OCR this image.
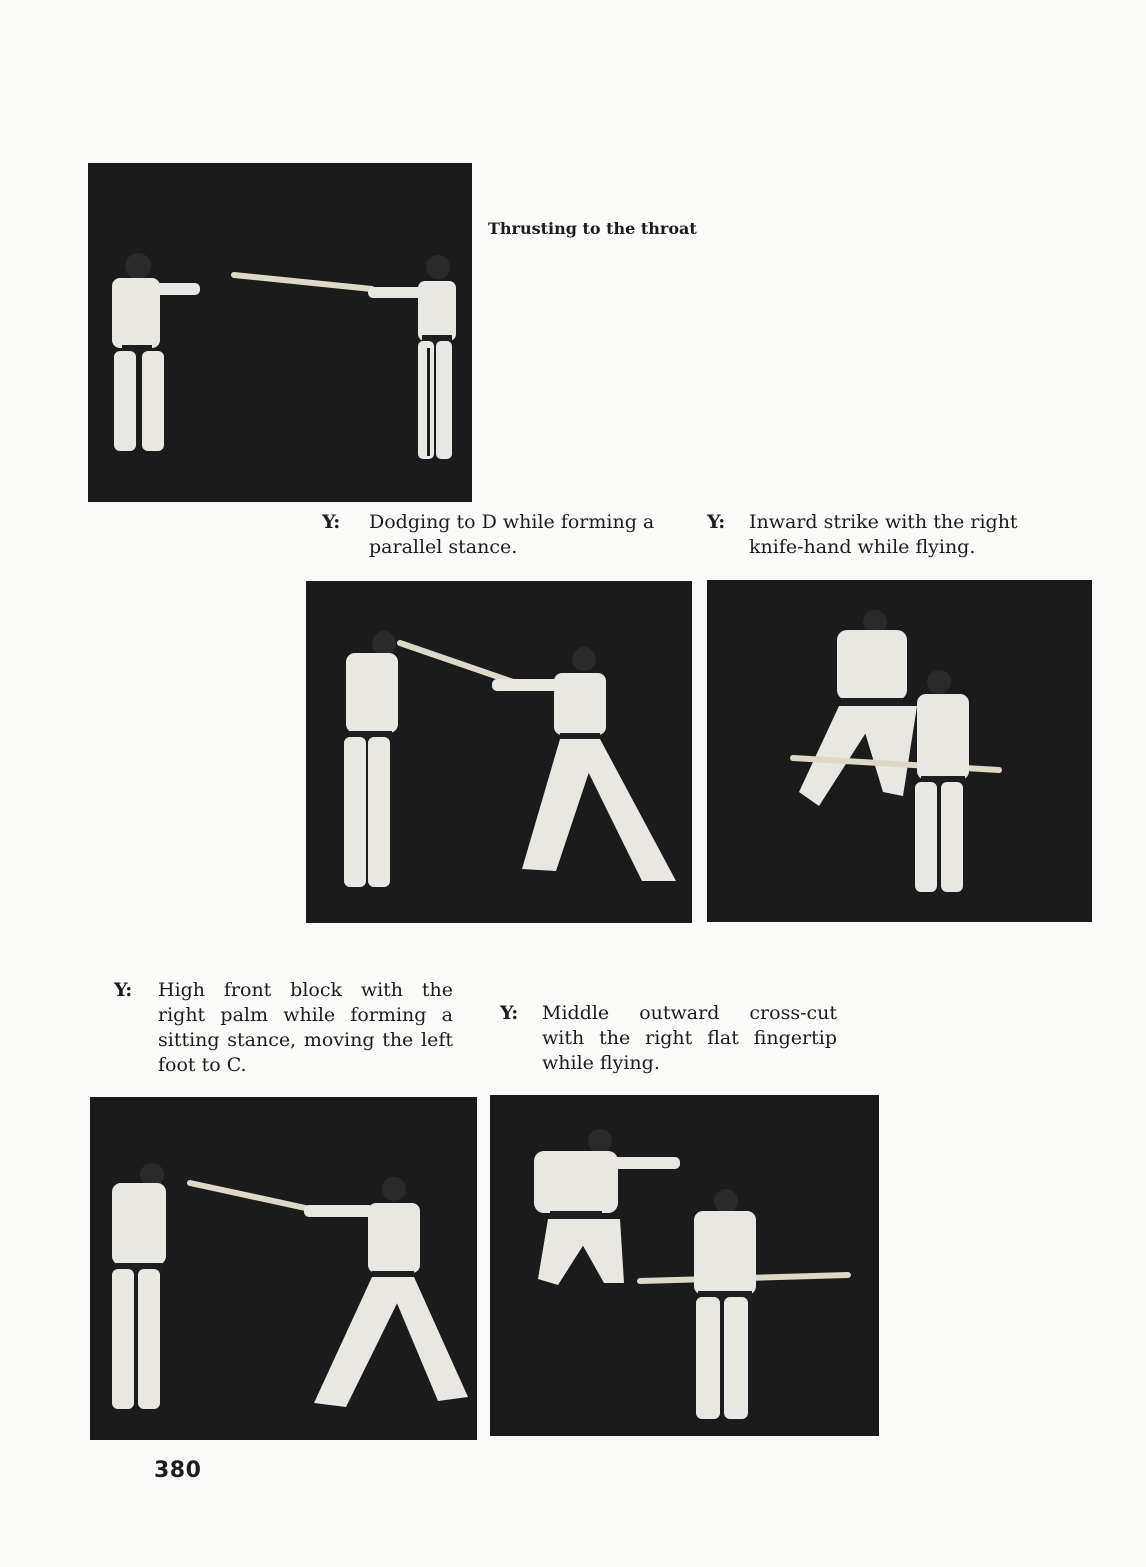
Thrusting to the throat

Y: Dodging to D while forming a parallel stance.

Y: Inward strike with the right knife-hand while flying.

Y: High front block with the right palm while forming a sitting stance, moving the left foot to C.

Y: Middle outward cross-cut with the right flat fingertip while flying.

380
